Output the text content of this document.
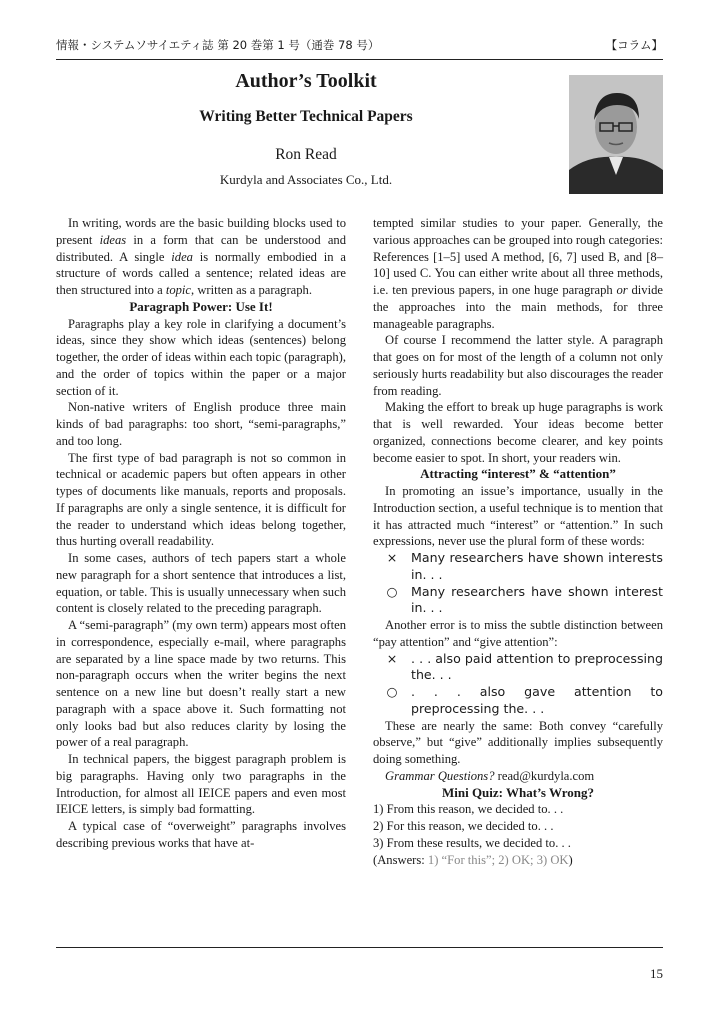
情報・システムソサイエティ誌 第 20 巻第 1 号（通巻 78 号）	【コラム】
Author’s Toolkit
Writing Better Technical Papers
Ron Read
Kurdyla and Associates Co., Ltd.

In writing, words are the basic building blocks used to present ideas in a form that can be understood and distributed. A single idea is normally embodied in a structure of words called a sentence; related ideas are then structured into a topic, written as a paragraph.

Paragraph Power: Use It!

Paragraphs play a key role in clarifying a document’s ideas, since they show which ideas (sentences) belong together, the order of ideas within each topic (paragraph), and the order of topics within the paper or a major section of it.

Non-native writers of English produce three main kinds of bad paragraphs: too short, “semi-paragraphs,” and too long.

The first type of bad paragraph is not so common in technical or academic papers but often appears in other types of documents like manuals, reports and proposals. If paragraphs are only a single sentence, it is difficult for the reader to understand which ideas belong together, thus hurting overall readability.

In some cases, authors of tech papers start a whole new paragraph for a short sentence that introduces a list, equation, or table. This is usually unnecessary when such content is closely related to the preceding paragraph.

A “semi-paragraph” (my own term) appears most often in correspondence, especially e-mail, where paragraphs are separated by a line space made by two returns. This non-paragraph occurs when the writer begins the next sentence on a new line but doesn’t really start a new paragraph with a space above it. Such formatting not only looks bad but also reduces clarity by losing the power of a real paragraph.

In technical papers, the biggest paragraph problem is big paragraphs. Having only two paragraphs in the Introduction, for almost all IEICE papers and even most IEICE letters, is simply bad formatting.

A typical case of “overweight” paragraphs involves describing previous works that have at-

tempted similar studies to your paper. Generally, the various approaches can be grouped into rough categories: References [1–5] used A method, [6, 7] used B, and [8–10] used C. You can either write about all three methods, i.e. ten previous papers, in one huge paragraph or divide the approaches into the main methods, for three manageable paragraphs.

Of course I recommend the latter style. A paragraph that goes on for most of the length of a column not only seriously hurts readability but also discourages the reader from reading.

Making the effort to break up huge paragraphs is work that is well rewarded. Your ideas become better organized, connections become clearer, and key points become easier to spot. In short, your readers win.

Attracting “interest” & “attention”

In promoting an issue’s importance, usually in the Introduction section, a useful technique is to mention that it has attracted much “interest” or “attention.” In such expressions, never use the plural form of these words:

×	Many researchers have shown interests in. . .
○	Many researchers have shown interest in. . .

Another error is to miss the subtle distinction between “pay attention” and “give attention”:

×	. . . also paid attention to preprocessing the. . .
○	. . . also gave attention to preprocessing the. . .

These are nearly the same: Both convey “carefully observe,” but “give” additionally implies subsequently doing something.

Grammar Questions? read@kurdyla.com

Mini Quiz: What’s Wrong?

1) From this reason, we decided to. . .

2) For this reason, we decided to. . .

3) From these results, we decided to. . .

(Answers: 1) “For this”; 2) OK; 3) OK)

15
